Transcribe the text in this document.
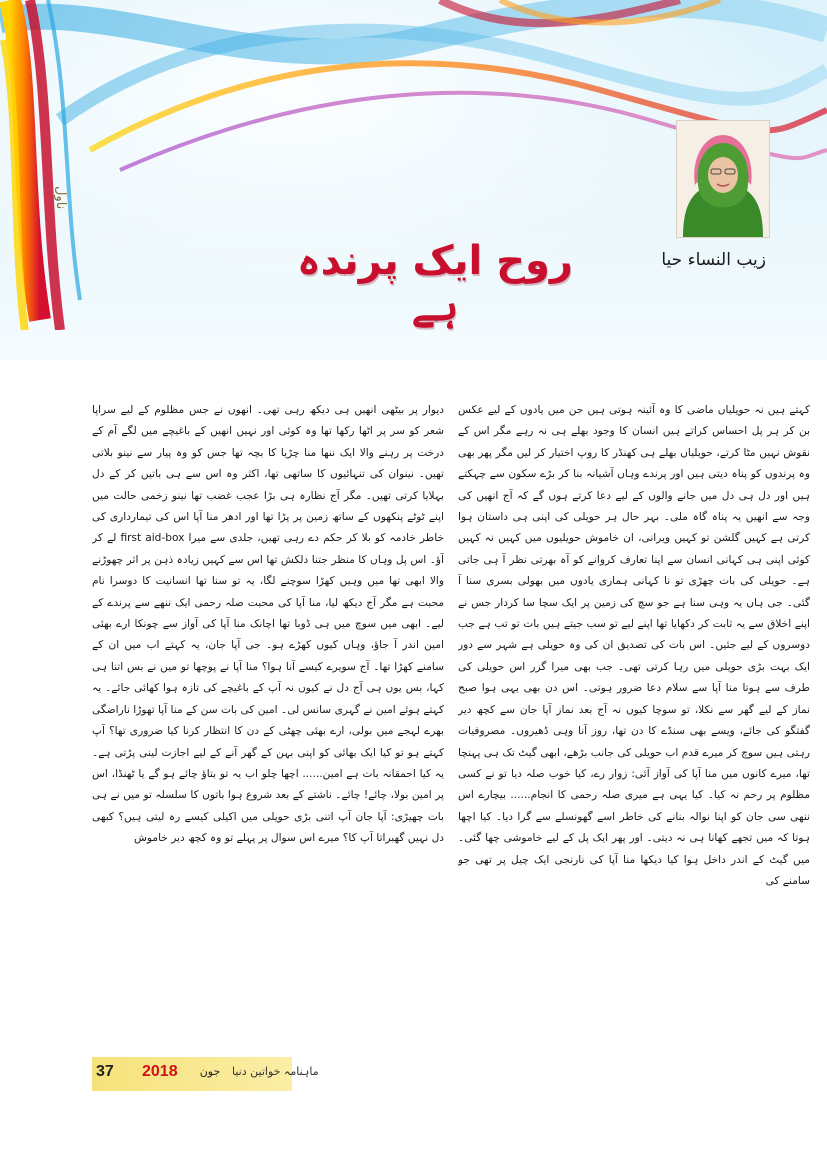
ناول
زیب النساء حیا
روح ایک پرندہ ہے

کہتے ہیں نہ حویلیاں ماضی کا وہ آئینہ ہوتی ہیں جن میں یادوں کے لیے عکس بن کر ہر پل احساس کراتے ہیں انسان کا وجود بھلے ہی نہ رہے مگر اس کے نقوش نہیں مٹا کرتے، حویلیاں بھلے ہی کھنڈر کا روپ اختیار کر لیں مگر پھر بھی وہ پرندوں کو پناہ دیتی ہیں اور پرندے وہاں آشیانہ بنا کر بڑے سکون سے چہکتے ہیں اور دل ہی دل میں جانے والوں کے لیے دعا کرتے ہوں گے کہ آج انھیں کی وجہ سے انھیں یہ پناہ گاہ ملی۔ بہر حال ہر حویلی کی اپنی ہی داستان ہوا کرتی ہے کہیں گلشن تو کہیں ویرانی، ان خاموش حویلیوں میں کہیں نہ کہیں کوئی اپنی ہی کہانی انسان سے اپنا تعارف کروانے کو آہ بھرتی نظر آ ہی جاتی ہے۔ حویلی کی بات چھڑی تو نا کہانی ہماری یادوں میں بھولی بسری سنا آ گئی۔ جی ہاں یہ وہی سنا ہے جو سچ کی زمین پر ایک سچا سا کردار جس نے اپنے اخلاق سے یہ ثابت کر دکھایا تھا اپنے لیے تو سب جیتے ہیں بات تو تب ہے جب دوسروں کے لیے جئیں۔ اس بات کی تصدیق ان کی وہ حویلی ہے شہر سے دور ایک بہت بڑی حویلی میں رہا کرتی تھی۔ جب بھی میرا گزر اس حویلی کی طرف سے ہوتا منا آپا سے سلام دعا ضرور ہوتی۔ اس دن بھی یہی ہوا صبح نماز کے لیے گھر سے نکلا، تو سوچا کیوں نہ آج بعد نماز آپا جان سے کچھ دیر گفتگو کی جائے، ویسے بھی سنڈے کا دن تھا، روز آنا وہی ڈھیروں۔ مصروفیات رہتی ہیں سوچ کر میرے قدم اب حویلی کی جانب بڑھے، ابھی گیٹ تک ہی پہنچا تھا، میرے کانوں میں منا آپا کی آواز آئی: زوار رے، کیا خوب صلہ دیا تو نے کسی مظلوم پر رحم نہ کیا۔ کیا یہی ہے میری صلہ رحمی کا انجام...... بیچارے اس ننھی سی جان کو اپنا نوالہ بنانے کی خاطر اسے گھونسلے سے گرا دیا۔ کیا اچھا ہوتا کہ میں تجھے کھانا ہی نہ دیتی۔ اور پھر ایک پل کے لیے خاموشی چھا گئی۔ میں گیٹ کے اندر داخل ہوا کیا دیکھا منا آپا کی نارنجی ایک چیل پر تھی جو سامنے کی

دیوار پر بیٹھی انھیں ہی دیکھ رہی تھی۔ انھوں نے جس مظلوم کے لیے سراپا شعر کو سر پر اٹھا رکھا تھا وہ کوئی اور نہیں انھیں کے باغیچے میں لگے آم کے درخت پر رہنے والا ایک ننھا منا چڑیا کا بچہ تھا جس کو وہ پیار سے نینو بلاتی تھیں۔ نینوان کی تنہائیوں کا ساتھی تھا، اکثر وہ اس سے ہی باتیں کر کے دل بہلایا کرتی تھیں۔ مگر آج نظارہ ہی بڑا عجب غضب تھا نینو زخمی حالت میں اپنے ٹوٹے پنکھوں کے ساتھ زمین پر پڑا تھا اور ادھر منا آپا اس کی تیمارداری کی خاطر خادمہ کو بلا کر حکم دے رہی تھیں، جلدی سے میرا first aid-box لے کر آؤ۔ اس پل وہاں کا منظر جتنا دلکش تھا اس سے کہیں زیادہ ذہن پر اثر چھوڑنے والا ابھی تھا میں وہیں کھڑا سوچنے لگا، یہ تو سنا تھا انسانیت کا دوسرا نام محبت ہے مگر آج دیکھ لیا، منا آپا کی محبت صلہ رحمی ایک ننھے سے پرندے کے لیے۔ ابھی میں سوچ میں ہی ڈوبا تھا اچانک منا آپا کی آواز سے چونکا ارے بھئی امین اندر آ جاؤ، وہاں کیوں کھڑے ہو۔ جی آپا جان، یہ کہتے اب میں ان کے سامنے کھڑا تھا۔ آج سویرے کیسے آنا ہوا؟ منا آپا نے پوچھا تو میں نے بس اتنا ہی کہا، بس یوں ہی آج دل نے کیوں نہ آپ کے باغیچے کی تازہ ہوا کھائی جائے۔ یہ کہتے ہوئے امین نے گہری سانس لی۔ امین کی بات سن کے منا آپا تھوڑا ناراضگی بھرے لہجے میں بولی، ارے بھئی چھٹی کے دن کا انتظار کرنا کیا ضروری تھا؟ آپ کہتے ہو تو کیا ایک بھائی کو اپنی بہن کے گھر آنے کے لیے اجازت لینی پڑتی ہے۔ یہ کیا احمقانہ بات ہے امین...... اچھا چلو اب یہ تو بتاؤ چائے ہو گے یا ٹھنڈا، اس پر امین بولا، چائے! چائے۔ ناشتے کے بعد شروع ہوا باتوں کا سلسلہ تو میں نے ہی بات چھیڑی: آپا جان آپ اتنی بڑی حویلی میں اکیلی کیسے رہ لیتی ہیں؟ کبھی دل نہیں گھبراتا آپ کا؟ میرے اس سوال پر پہلے تو وہ کچھ دیر خاموش

37	2018	جون	ماہنامہ خواتین دنیا
